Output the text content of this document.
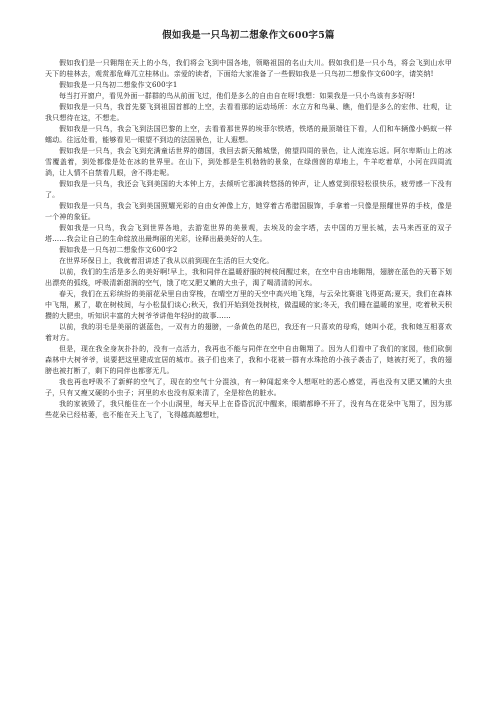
假如我是一只鸟初二想象作文600字5篇

假如我们是一只翱翔在天上的小鸟，我们将会飞到中国各地，领略祖国的名山大川。假如我们是一只小鸟，将会飞到山水甲天下的桂林去，观赏那危峰兀立桂林山。亲爱的读者，下面给大家准备了一些假如我是一只鸟初二想象作文600字，请笑纳!

假如我是一只鸟初二想象作文600字1

每当打开窗户，看见外面一群群的鸟从前面飞过，他们是多么的自由自在呀!我想：如果我是一只小鸟该有多好呀!

假如我是一只鸟，我首先要飞到祖国首都的上空，去看看那的运动场所：水立方和鸟巢、瞧，他们是多么的宏伟、壮观，让我只想待在这，不想走。

假如我是一只鸟，我会飞到法国巴黎的上空，去看看那世界的埃菲尔铁塔，铁塔的最顶端往下看，人们和车辆像小蚂蚁一样蠕动。往远处看，能够看见一眼望不到边的法国景色，让人遐想。

假如我是一只鸟，我会飞到充满童话世界的德国，我回去新天鹅城堡，俯望四周的景色，让人流连忘返。阿尔卑斯山上的冰雪覆盖着，到处都像是处在冰的世界里。在山下，到处都是生机勃勃的景象，在绿茵茵的草地上，牛羊吃着草，小河在四周流淌，让人情不自禁看几眼，舍不得走呢。

假如我是一只鸟，我还会飞到美国的大本钟上方，去倾听它那滴转悠扬的钟声，让人感觉到很轻松很快乐，疲劳感一下没有了。

假如我是一只鸟，我会飞到美国照耀光彩的自由女神像上方，她穿着古希腊国服饰，手拿着一只像是照耀世界的手枝，像是一个神的象征。

假如我是一只鸟，我会飞到世界各地，去游览世界的美景观，去埃及的金字塔，去中国的万里长城，去马来西亚的双子塔……我会让自己的生命绽放出最绚丽的光彩，诠释出最美好的人生。

假如我是一只鸟初二想象作文600字2

在世界环保日上，我就着泪讲述了我从以前到现在生活的巨大变化。

以前，我们的生活是多么的美好啊!早上，我和同伴在温暖舒服的树枝间醒过来，在空中自由地翱翔，翅膀在蓝色的天幕下划出漂亮的弧线，呼吸清新甜润的空气，饿了吃又肥又嫩的大虫子，渴了喝清清的河水。

春天，我们在五彩缤纷的美丽花朵里自由穿梭，在晴空万里的天空中高兴地飞翔，与云朵比赛谁飞得更高;夏天，我们在森林中飞翔，累了，歇在树枝间，与小松鼠们谈心;秋天，我们开始到处找树枝，做温暖的家;冬天，我们睡在温暖的家里，吃着秋天积攒的大肥虫，听知识丰富的大树爷爷讲他年轻时的故事……

以前，我的羽毛是美丽的湛蓝色，一双有力的翅膀，一条黄色的尾巴，我还有一只喜欢的母鸡，她叫小花，我和她互相喜欢着对方。

但是，现在我全身灰扑扑的，没有一点活力，我再也不能与同伴在空中自由翱翔了。因为人们看中了我们的家园，他们砍倒森林中大树爷爷，说要把这里建成宜居的城市。孩子们也来了，我和小花被一群有水珠抢的小孩子袭击了，她被打死了，我的翅膀也被打断了，剩下的同伴也都寥无几。

我也再也呼吸不了新鲜的空气了，现在的空气十分混浊，有一种闻起来令人想呕吐的恶心感觉，再也没有又肥又嫩的大虫子，只有又瘦又硬的小虫子；河里的水也没有原来清了，全是棕色的脏水。

我的家被毁了，我只能住在一个小山洞里，每天早上在昏昏沉沉中醒来，眼睛都睁不开了，没有鸟在花朵中飞翔了，因为那些花朵已经枯萎，也不能在天上飞了，飞得越高越想吐，
